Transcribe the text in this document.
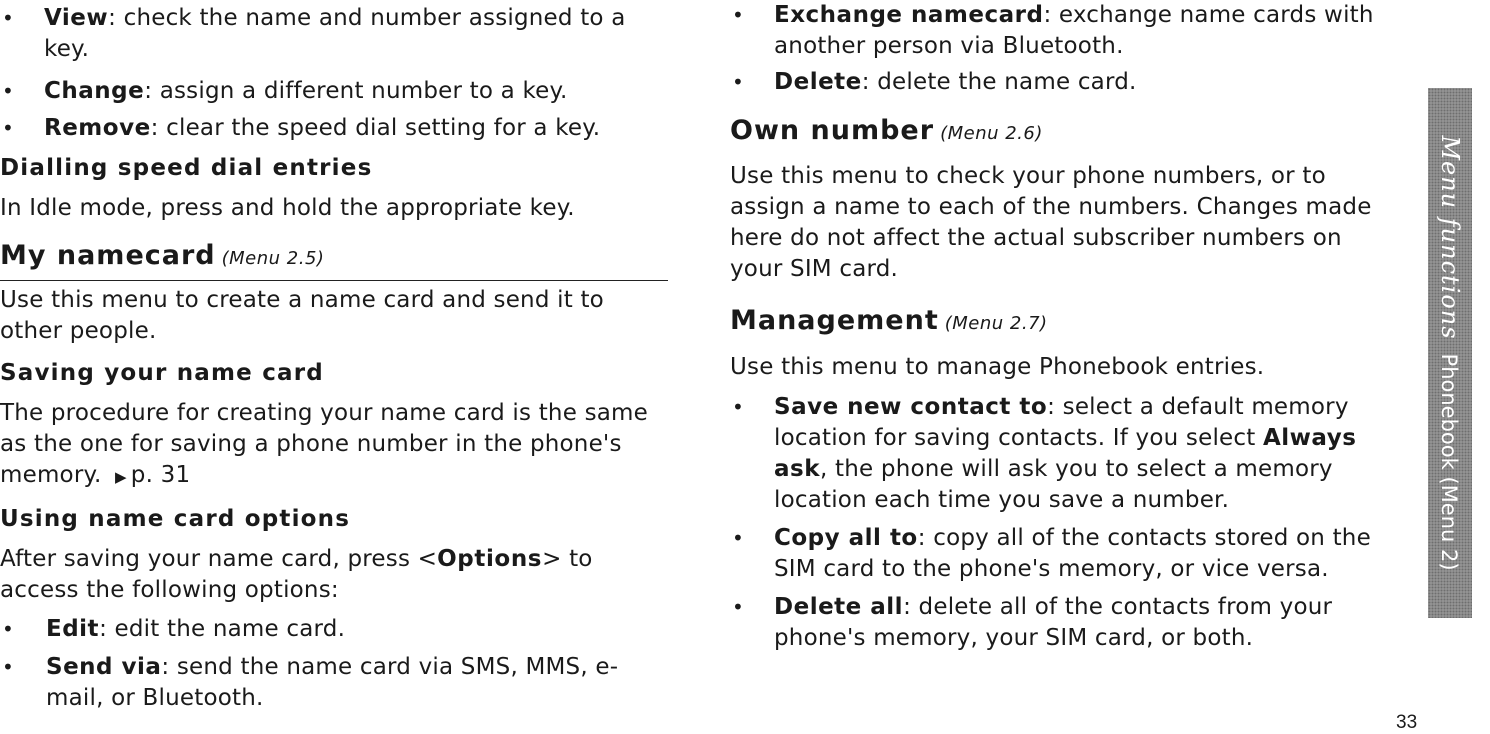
• View: check the name and number assigned to a key.
• Change: assign a different number to a key.
• Remove: clear the speed dial setting for a key.
Dialling speed dial entries
In Idle mode, press and hold the appropriate key.
My namecard (Menu 2.5)
Use this menu to create a name card and send it to other people.
Saving your name card
The procedure for creating your name card is the same as the one for saving a phone number in the phone's memory. ▶ p. 31
Using name card options
After saving your name card, press <Options> to access the following options:
• Edit: edit the name card.
• Send via: send the name card via SMS, MMS, e-mail, or Bluetooth.
• Exchange namecard: exchange name cards with another person via Bluetooth.
• Delete: delete the name card.
Own number (Menu 2.6)
Use this menu to check your phone numbers, or to assign a name to each of the numbers. Changes made here do not affect the actual subscriber numbers on your SIM card.
Management (Menu 2.7)
Use this menu to manage Phonebook entries.
• Save new contact to: select a default memory location for saving contacts. If you select Always ask, the phone will ask you to select a memory location each time you save a number.
• Copy all to: copy all of the contacts stored on the SIM card to the phone's memory, or vice versa.
• Delete all: delete all of the contacts from your phone's memory, your SIM card, or both.
Menu functionsPhonebook (Menu 2)
33
